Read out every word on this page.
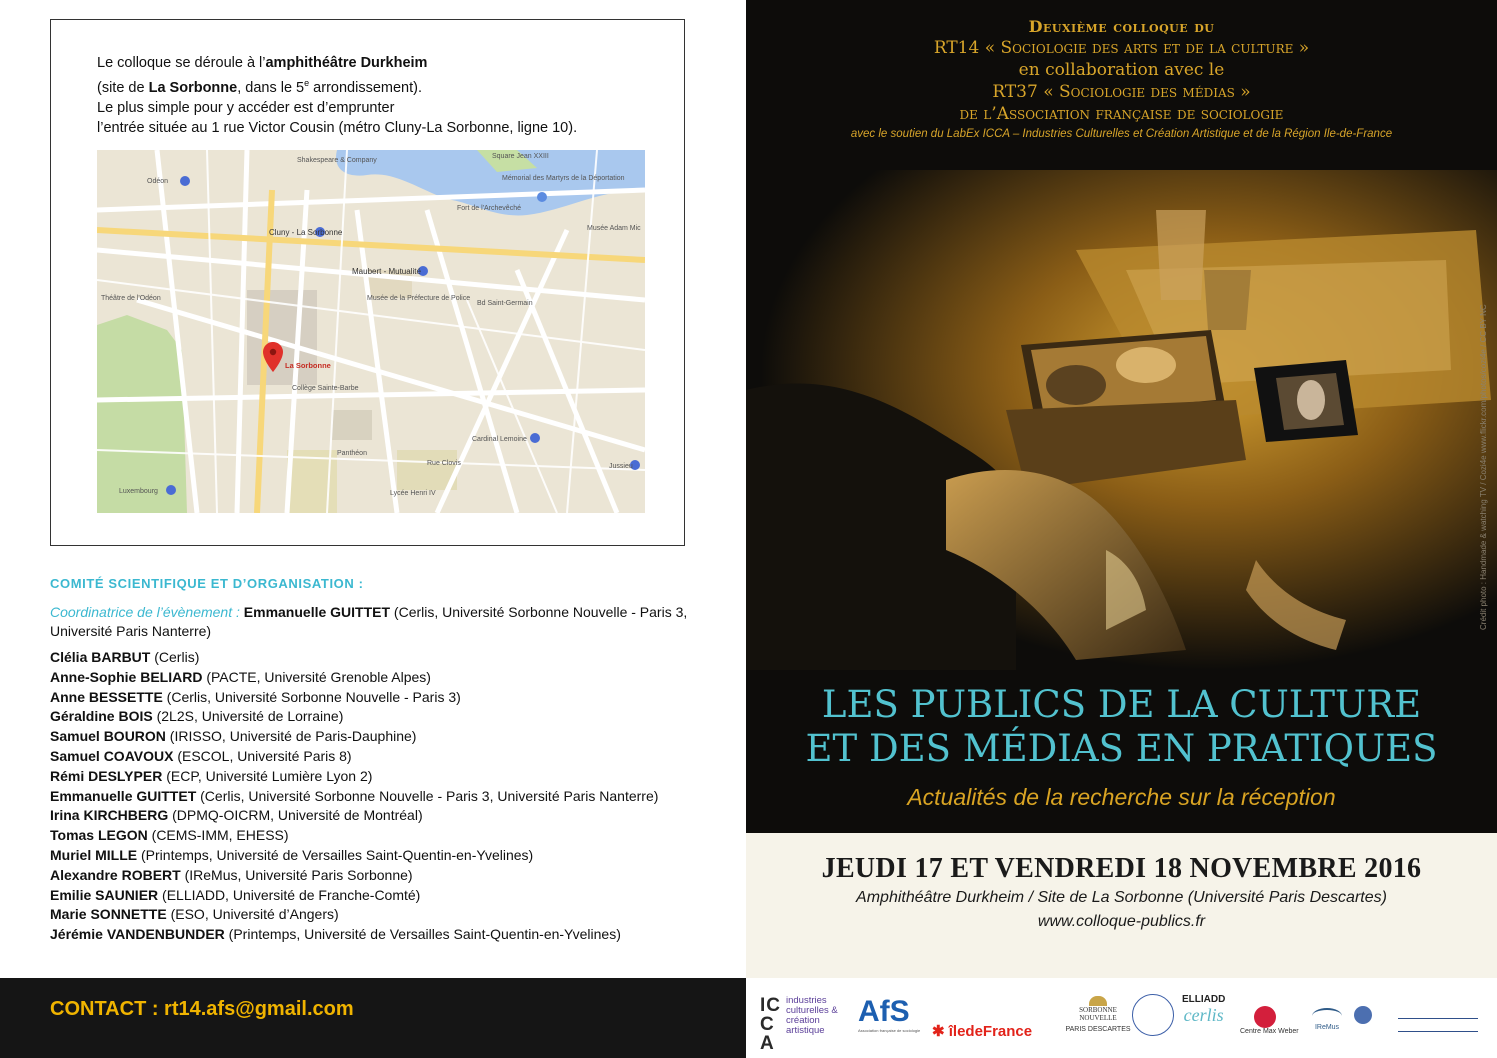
Le colloque se déroule à l’amphithéâtre Durkheim
(site de La Sorbonne, dans le 5e arrondissement).
Le plus simple pour y accéder est d’emprunter
l’entrée située au 1 rue Victor Cousin (métro Cluny-La Sorbonne, ligne 10).
Square Jean XXIII
Mémorial des Martyrs de la Déportation
Shakespeare & Company
Odéon
Fort de l'Archevêché
Musée Adam Mic
Cluny - La Sorbonne
Maubert - Mutualité
Musée de la Préfecture de Police
Bd Saint-Germain
La Sorbonne
Collège Sainte-Barbe
Panthéon
Cardinal Lemoine
Jussieu
Luxembourg	Lycée Henri IV
Théâtre de l'Odéon
Rue Clovis
COMITÉ SCIENTIFIQUE ET D’ORGANISATION :
Coordinatrice de l’évènement : Emmanuelle GUITTET (Cerlis, Université Sorbonne Nouvelle - Paris 3, Université Paris Nanterre)
Clélia BARBUT (Cerlis)
Anne-Sophie BELIARD (PACTE, Université Grenoble Alpes)
Anne BESSETTE (Cerlis, Université Sorbonne Nouvelle - Paris 3)
Géraldine BOIS (2L2S, Université de Lorraine)
Samuel BOURON (IRISSO, Université de Paris-Dauphine)
Samuel COAVOUX (ESCOL, Université Paris 8)
Rémi DESLYPER (ECP, Université Lumière Lyon 2)
Emmanuelle GUITTET (Cerlis, Université Sorbonne Nouvelle - Paris 3, Université Paris Nanterre)
Irina KIRCHBERG (DPMQ-OICRM, Université de Montréal)
Tomas LEGON (CEMS-IMM, EHESS)
Muriel MILLE (Printemps, Université de Versailles Saint-Quentin-en-Yvelines)
Alexandre ROBERT (IReMus, Université Paris Sorbonne)
Emilie SAUNIER (ELLIADD, Université de Franche-Comté)
Marie SONNETTE (ESO, Université d’Angers)
Jérémie VANDENBUNDER (Printemps, Université de Versailles Saint-Quentin-en-Yvelines)
CONTACT : rt14.afs@gmail.com
Deuxième colloque du
RT14 « Sociologie des arts et de la culture »
en collaboration avec le
RT37 « Sociologie des médias »
de l’Association française de sociologie
avec le soutien du LabEx ICCA – Industries Culturelles et Création Artistique et de la Région Ile-de-France
Crédit photo : Handmade & watching TV / Cozi4e www.flickr.com/photos/cozi4e / CC BY NC
LES PUBLICS DE LA CULTURE
ET DES MÉDIAS EN PRATIQUES
Actualités de la recherche sur la réception
JEUDI 17 ET VENDREDI 18 NOVEMBRE 2016
Amphithéâtre Durkheim / Site de La Sorbonne (Université Paris Descartes)
www.colloque-publics.fr
IC CA
industries
culturelles &
création
artistique
AfS
Association française de sociologie ✱ îledeFrance
SORBONNE NOUVELLE
PARIS DESCARTES
ELLIADD
cerlis
Centre Max Weber
IReMus
